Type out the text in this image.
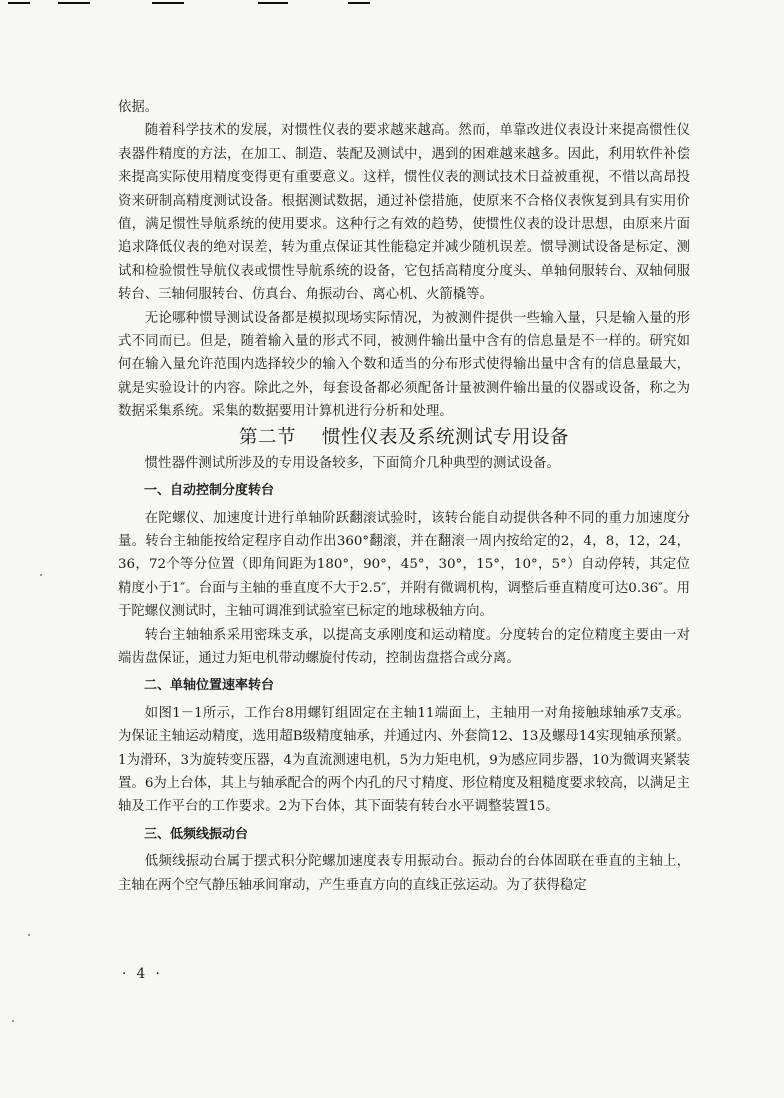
依据。

随着科学技术的发展，对惯性仪表的要求越来越高。然而，单靠改进仪表设计来提高惯性仪表器件精度的方法，在加工、制造、装配及测试中，遇到的困难越来越多。因此，利用软件补偿来提高实际使用精度变得更有重要意义。这样，惯性仪表的测试技术日益被重视，不惜以高昂投资来研制高精度测试设备。根据测试数据，通过补偿措施，使原来不合格仪表恢复到具有实用价值，满足惯性导航系统的使用要求。这种行之有效的趋势，使惯性仪表的设计思想，由原来片面追求降低仪表的绝对误差，转为重点保证其性能稳定并减少随机误差。惯导测试设备是标定、测试和检验惯性导航仪表或惯性导航系统的设备，它包括高精度分度头、单轴伺服转台、双轴伺服转台、三轴伺服转台、仿真台、角振动台、离心机、火箭橇等。

无论哪种惯导测试设备都是模拟现场实际情况，为被测件提供一些输入量，只是输入量的形式不同而已。但是，随着输入量的形式不同，被测件输出量中含有的信息量是不一样的。研究如何在输入量允许范围内选择较少的输入个数和适当的分布形式使得输出量中含有的信息量最大，就是实验设计的内容。除此之外，每套设备都必须配备计量被测件输出量的仪器或设备，称之为数据采集系统。采集的数据要用计算机进行分析和处理。

第二节 惯性仪表及系统测试专用设备

惯性器件测试所涉及的专用设备较多，下面简介几种典型的测试设备。

一、自动控制分度转台

在陀螺仪、加速度计进行单轴阶跃翻滚试验时，该转台能自动提供各种不同的重力加速度分量。转台主轴能按给定程序自动作出360°翻滚，并在翻滚一周内按给定的2，4，8，12，24，36，72个等分位置（即角间距为180°，90°，45°，30°，15°，10°，5°）自动停转，其定位精度小于1″。台面与主轴的垂直度不大于2.5″，并附有微调机构，调整后垂直精度可达0.36″。用于陀螺仪测试时，主轴可调准到试验室已标定的地球极轴方向。

转台主轴轴系采用密珠支承，以提高支承刚度和运动精度。分度转台的定位精度主要由一对端齿盘保证，通过力矩电机带动螺旋付传动，控制齿盘搭合或分离。

二、单轴位置速率转台

如图1－1所示，工作台8用螺钉组固定在主轴11端面上，主轴用一对角接触球轴承7支承。为保证主轴运动精度，选用超B级精度轴承，并通过内、外套筒12、13及螺母14实现轴承预紧。1为滑环，3为旋转变压器，4为直流测速电机，5为力矩电机，9为感应同步器，10为微调夹紧装置。6为上台体，其上与轴承配合的两个内孔的尺寸精度、形位精度及粗糙度要求较高，以满足主轴及工作平台的工作要求。2为下台体，其下面装有转台水平调整装置15。

三、低频线振动台

低频线振动台属于摆式积分陀螺加速度表专用振动台。振动台的台体固联在垂直的主轴上，主轴在两个空气静压轴承间窜动，产生垂直方向的直线正弦运动。为了获得稳定

· 4 ·
